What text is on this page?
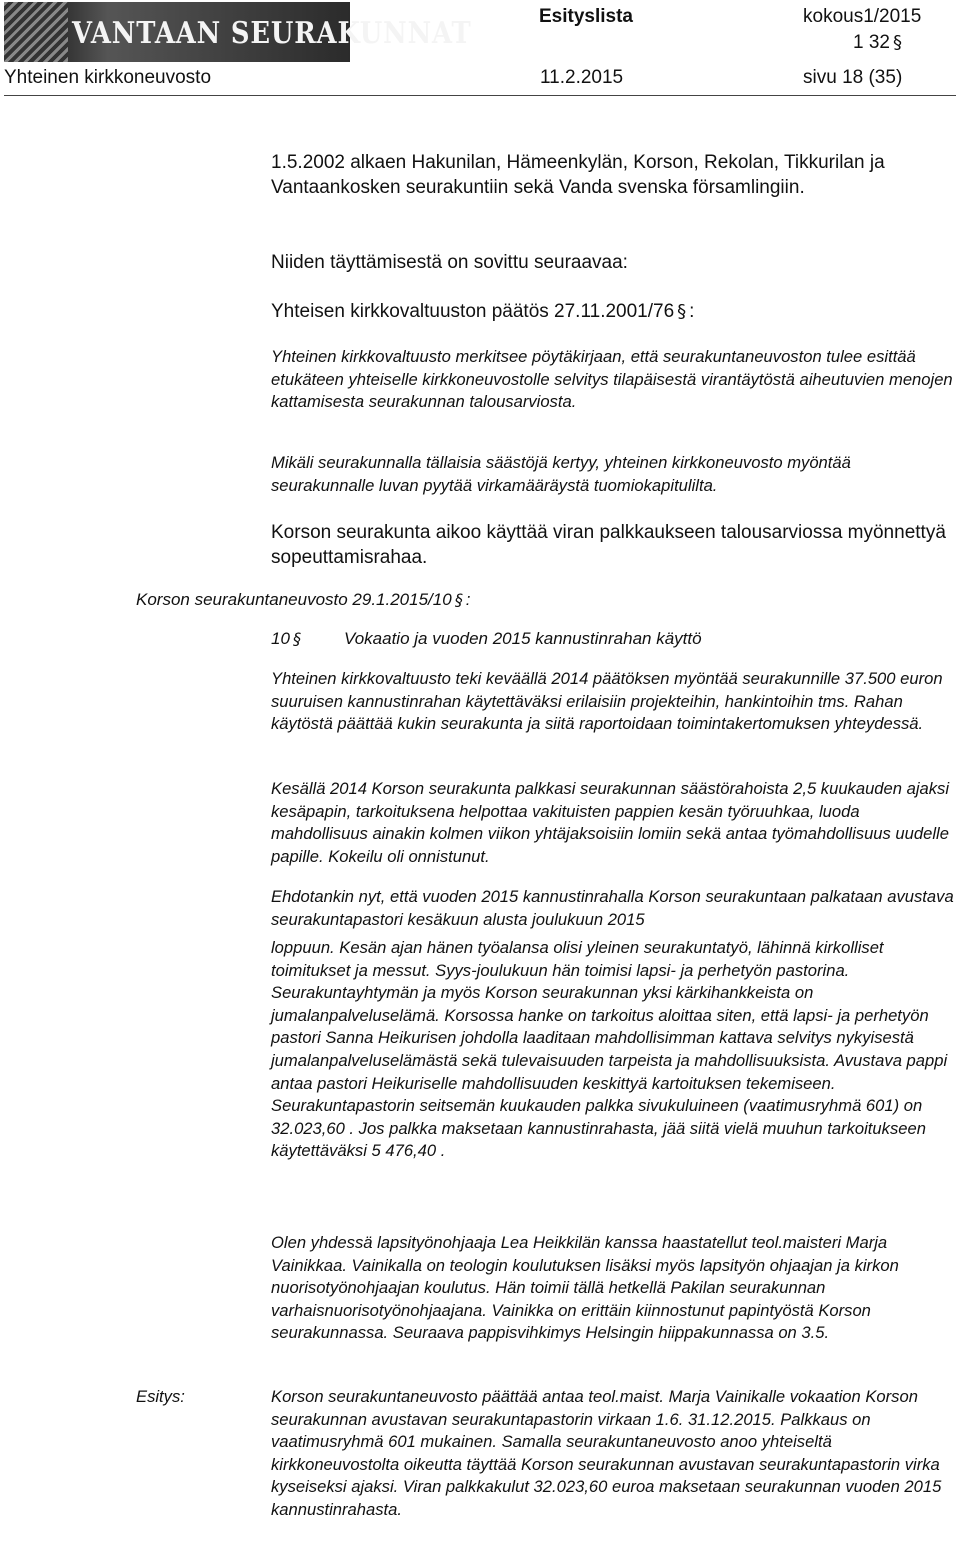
VANTAAN SEURAKUNNAT	Esityslista	kokous1/2015
1 32 §
Yhteinen kirkkoneuvosto	11.2.2015	sivu 18 (35)

1.5.2002 alkaen Hakunilan, Hämeenkylän, Korson, Rekolan, Tikkurilan ja Vantaankosken seurakuntiin sekä Vanda svenska församlingiin.

Niiden täyttämisestä on sovittu seuraavaa:

Yhteisen kirkkovaltuuston päätös 27.11.2001/76 § :

Yhteinen kirkkovaltuusto merkitsee pöytäkirjaan, että seurakuntaneuvoston tulee esittää etukäteen yhteiselle kirkkoneuvostolle selvitys tilapäisestä virantäytöstä aiheutuvien menojen kattamisesta seurakunnan talousarviosta.

Mikäli seurakunnalla tällaisia säästöjä kertyy, yhteinen kirkkoneuvosto myöntää seurakunnalle luvan pyytää virkamääräystä tuomiokapitulilta.

Korson seurakunta aikoo käyttää viran palkkaukseen talousarviossa myönnettyä sopeuttamisrahaa.

Korson seurakuntaneuvosto 29.1.2015/10 § :
10 §	Vokaatio ja vuoden 2015 kannustinrahan käyttö

Yhteinen kirkkovaltuusto teki keväällä 2014 päätöksen myöntää seurakunnille 37.500 euron suuruisen kannustinrahan käytettäväksi erilaisiin projekteihin, hankintoihin tms. Rahan käytöstä päättää kukin seurakunta ja siitä raportoidaan toimintakertomuksen yhteydessä.

Kesällä 2014 Korson seurakunta palkkasi seurakunnan säästörahoista 2,5 kuukauden ajaksi kesäpapin, tarkoituksena helpottaa vakituisten pappien kesän työruuhkaa, luoda mahdollisuus ainakin kolmen viikon yhtäjaksoisiin lomiin sekä antaa työmahdollisuus uudelle papille. Kokeilu oli onnistunut.

Ehdotankin nyt, että vuoden 2015 kannustinrahalla Korson seurakuntaan palkataan avustava seurakuntapastori kesäkuun alusta joulukuun 2015

loppuun. Kesän ajan hänen työalansa olisi yleinen seurakuntatyö, lähinnä kirkolliset toimitukset ja messut. Syys-joulukuun hän toimisi lapsi- ja perhetyön pastorina. Seurakuntayhtymän ja myös Korson seurakunnan yksi kärkihankkeista on jumalanpalveluselämä. Korsossa hanke on tarkoitus aloittaa siten, että lapsi- ja perhetyön pastori Sanna Heikurisen johdolla laaditaan mahdollisimman kattava selvitys nykyisestä jumalanpalveluselämästä sekä tulevaisuuden tarpeista ja mahdollisuuksista. Avustava pappi antaa pastori Heikuriselle mahdollisuuden keskittyä kartoituksen tekemiseen. Seurakuntapastorin seitsemän kuukauden palkka sivukuluineen (vaatimusryhmä 601) on 32.023,60 . Jos palkka maksetaan kannustinrahasta, jää siitä vielä muuhun tarkoitukseen käytettäväksi 5 476,40 .

Olen yhdessä lapsityönohjaaja Lea Heikkilän kanssa haastatellut teol.maisteri Marja Vainikkaa. Vainikalla on teologin koulutuksen lisäksi myös lapsityön ohjaajan ja kirkon nuorisotyönohjaajan koulutus. Hän toimii tällä hetkellä Pakilan seurakunnan varhaisnuorisotyönohjaajana. Vainikka on erittäin kiinnostunut papintyöstä Korson seurakunnassa. Seuraava pappisvihkimys Helsingin hiippakunnassa on 3.5.

Esitys:	Korson seurakuntaneuvosto päättää antaa teol.maist. Marja Vainikalle vokaation Korson seurakunnan avustavan seurakuntapastorin virkaan 1.6. 31.12.2015. Palkkaus on vaatimusryhmä 601 mukainen. Samalla seurakuntaneuvosto anoo yhteiseltä kirkkoneuvostolta oikeutta täyttää Korson seurakunnan avustavan seurakuntapastorin virka kyseiseksi ajaksi. Viran palkkakulut 32.023,60 euroa maksetaan seurakunnan vuoden 2015 kannustinrahasta.
